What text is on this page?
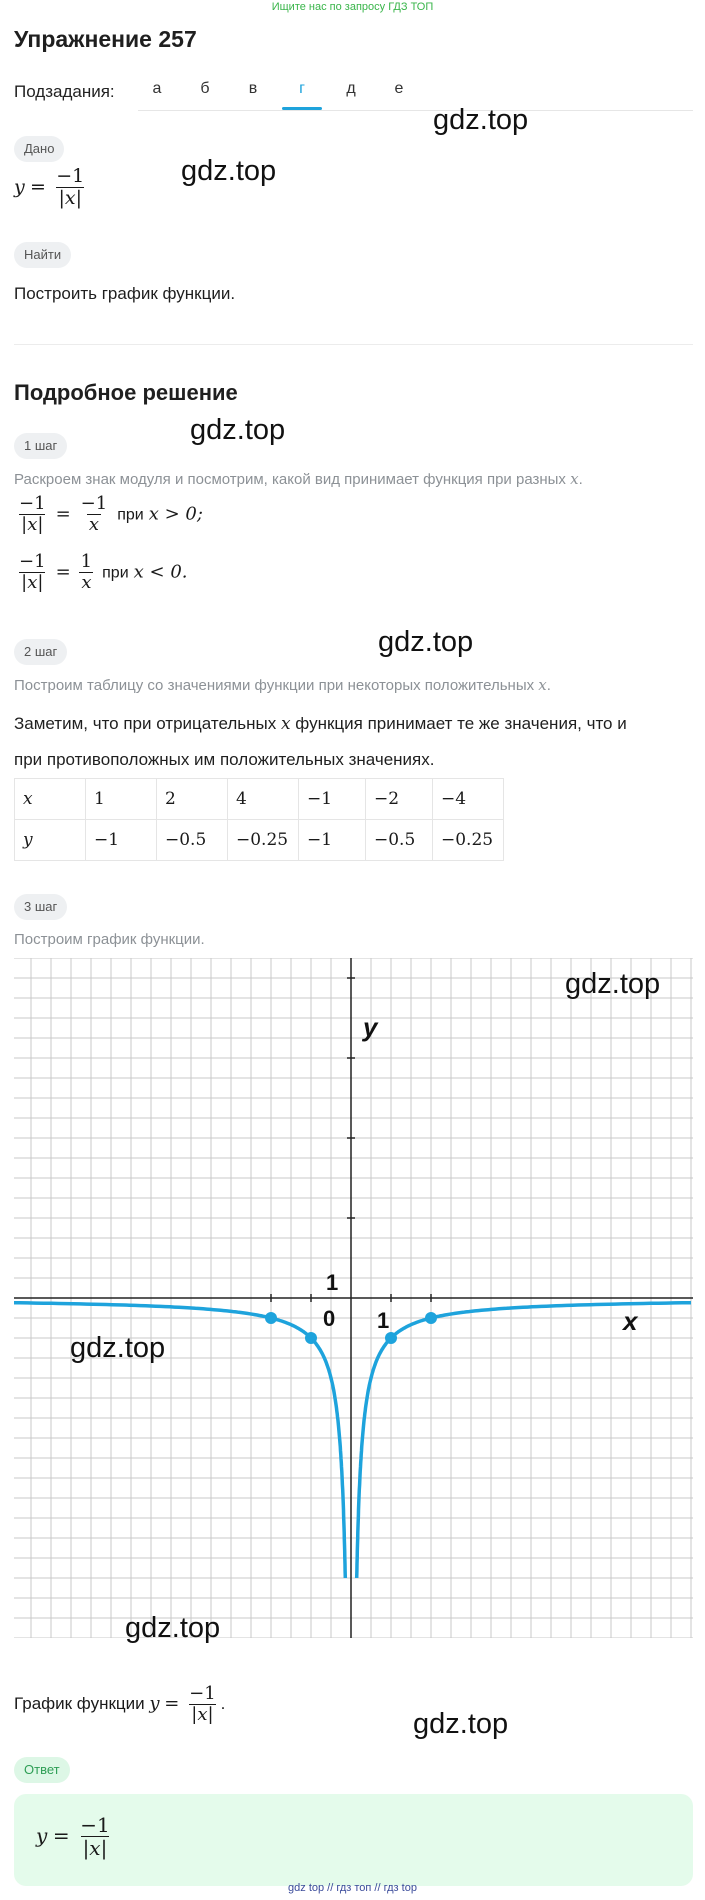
Ищите нас по запросу ГДЗ ТОП
Упражнение 257
Подзадания:	а	б	в	г	д	е
Дано
$y = \frac{-1}{|x|}$
Найти
Построить график функции.
Подробное решение
1 шаг
Раскроем знак модуля и посмотрим, какой вид принимает функция при разных x.
$\frac{-1}{|x|} = \frac{-1}{x}$ при x > 0;
$\frac{-1}{|x|} = \frac{1}{x}$ при x < 0.
2 шаг
Построим таблицу со значениями функции при некоторых положительных x.
Заметим, что при отрицательных x функция принимает те же значения, что и
при противоположных им положительных значениях.
x	1	2	4	−1	−2	−4
y	−1	−0.5	−0.25	−1	−0.5	−0.25
3 шаг
Построим график функции.
y
x
1
0 1
График функции $y = \frac{-1}{|x|}$ .
Ответ
$y = \frac{-1}{|x|}$
gdz.top
gdz.top
gdz.top
gdz.top
gdz.top
gdz.top
gdz.top
gdz.top
gdz top // гдз топ // гдз top
